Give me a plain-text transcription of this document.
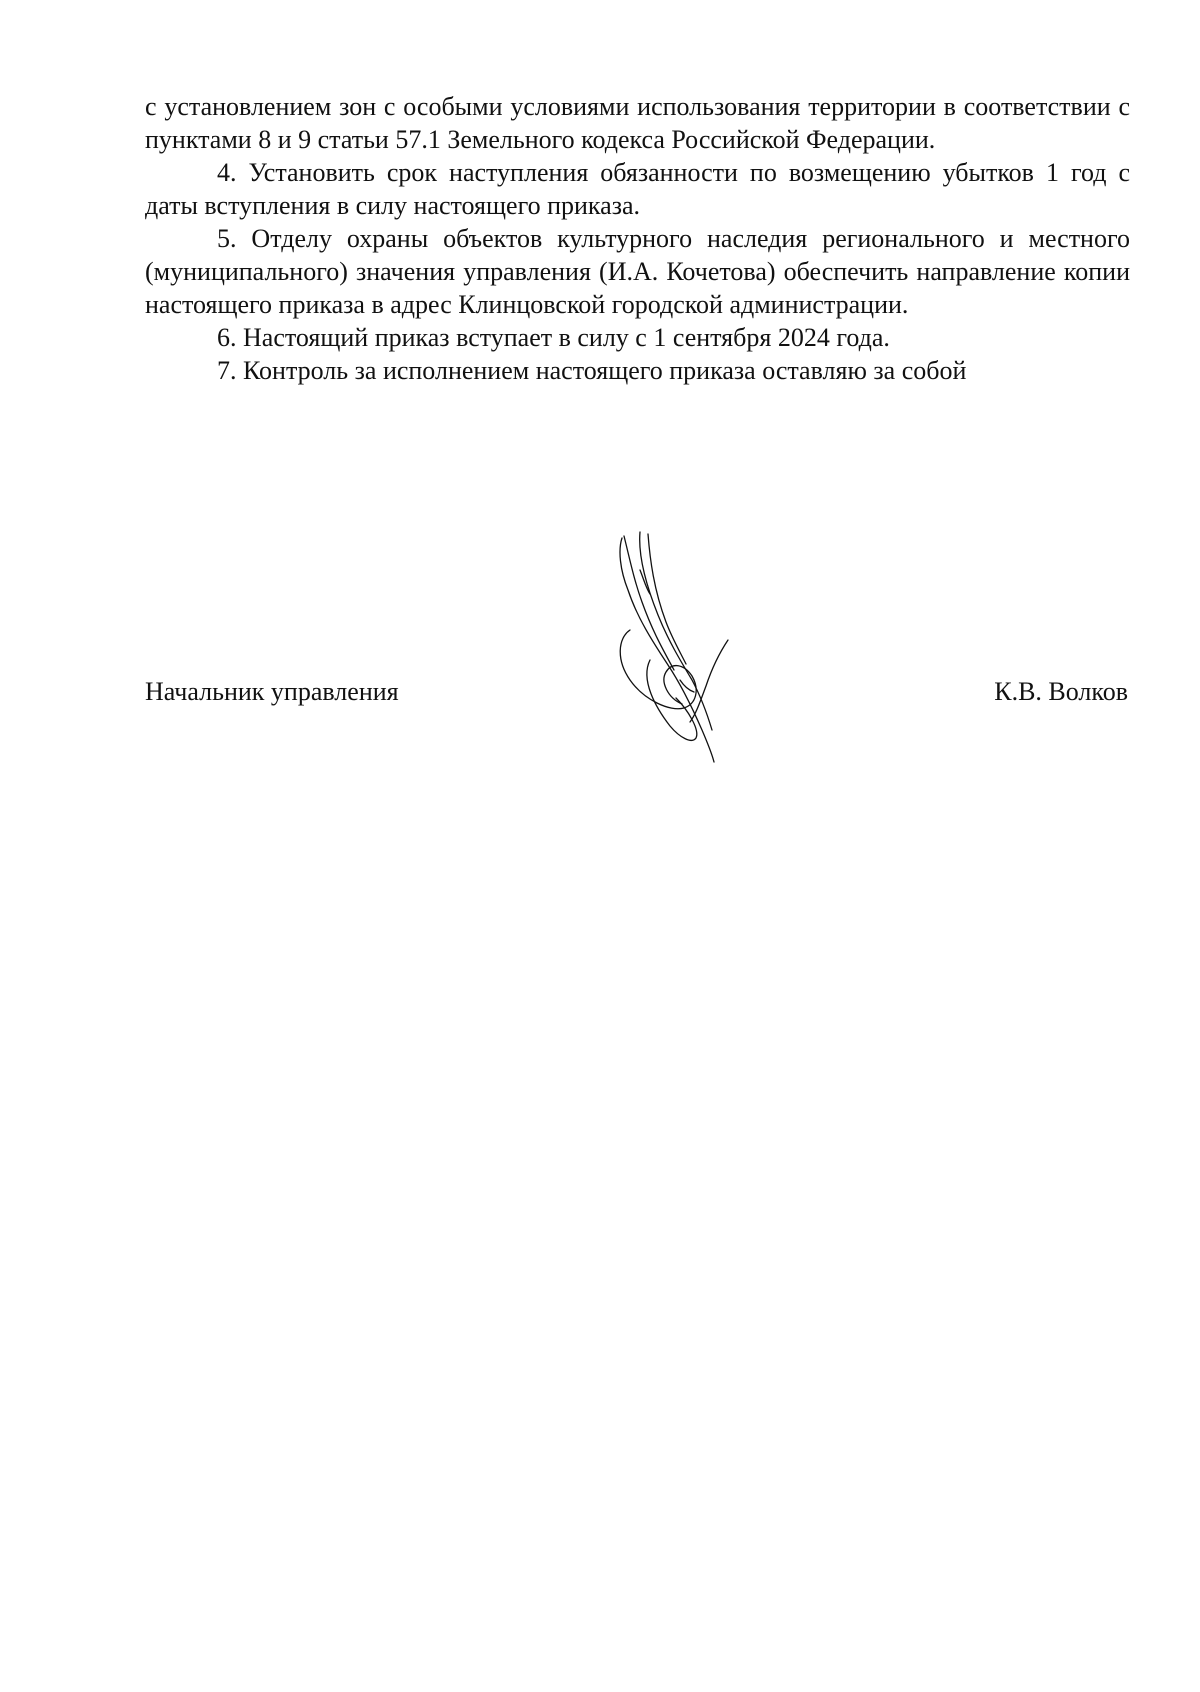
с установлением зон с особыми условиями использования территории в соответствии с пунктами 8 и 9 статьи 57.1 Земельного кодекса Российской Федерации.

4. Установить срок наступления обязанности по возмещению убытков 1 год с даты вступления в силу настоящего приказа.

5. Отделу охраны объектов культурного наследия регионального и местного (муниципального) значения управления (И.А. Кочетова) обеспечить направление копии настоящего приказа в адрес Клинцовской городской администрации.

6. Настоящий приказ вступает в силу с 1 сентября 2024 года.

7. Контроль за исполнением настоящего приказа оставляю за собой

Начальник управления	К.В. Волков
